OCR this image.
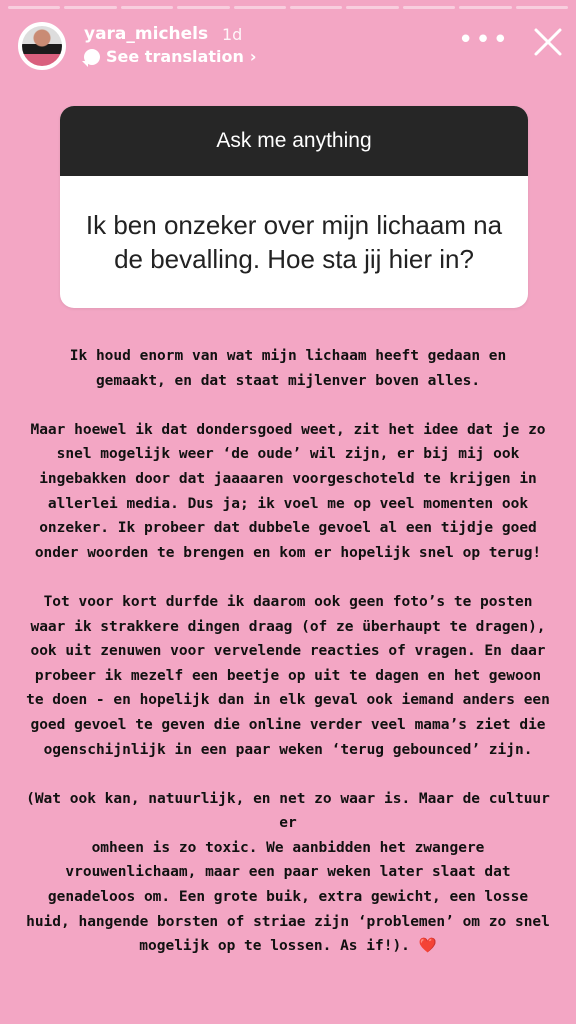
yara_michels 1d
See translation ›
•••
Ask me anything
Ik ben onzeker over mijn lichaam na de bevalling. Hoe sta jij hier in?

Ik houd enorm van wat mijn lichaam heeft gedaan en
gemaakt, en dat staat mijlenver boven alles.

Maar hoewel ik dat dondersgoed weet, zit het idee dat je zo
snel mogelijk weer ‘de oude’ wil zijn, er bij mij ook
ingebakken door dat jaaaaren voorgeschoteld te krijgen in
allerlei media. Dus ja; ik voel me op veel momenten ook
onzeker. Ik probeer dat dubbele gevoel al een tijdje goed
onder woorden te brengen en kom er hopelijk snel op terug!

Tot voor kort durfde ik daarom ook geen foto’s te posten
waar ik strakkere dingen draag (of ze überhaupt te dragen),
ook uit zenuwen voor vervelende reacties of vragen. En daar
probeer ik mezelf een beetje op uit te dagen en het gewoon
te doen - en hopelijk dan in elk geval ook iemand anders een
goed gevoel te geven die online verder veel mama’s ziet die
ogenschijnlijk in een paar weken ‘terug gebounced’ zijn.

(Wat ook kan, natuurlijk, en net zo waar is. Maar de cultuur er
omheen is zo toxic. We aanbidden het zwangere
vrouwenlichaam, maar een paar weken later slaat dat
genadeloos om. Een grote buik, extra gewicht, een losse
huid, hangende borsten of striae zijn ‘problemen’ om zo snel
mogelijk op te lossen. As if!). ❤️
